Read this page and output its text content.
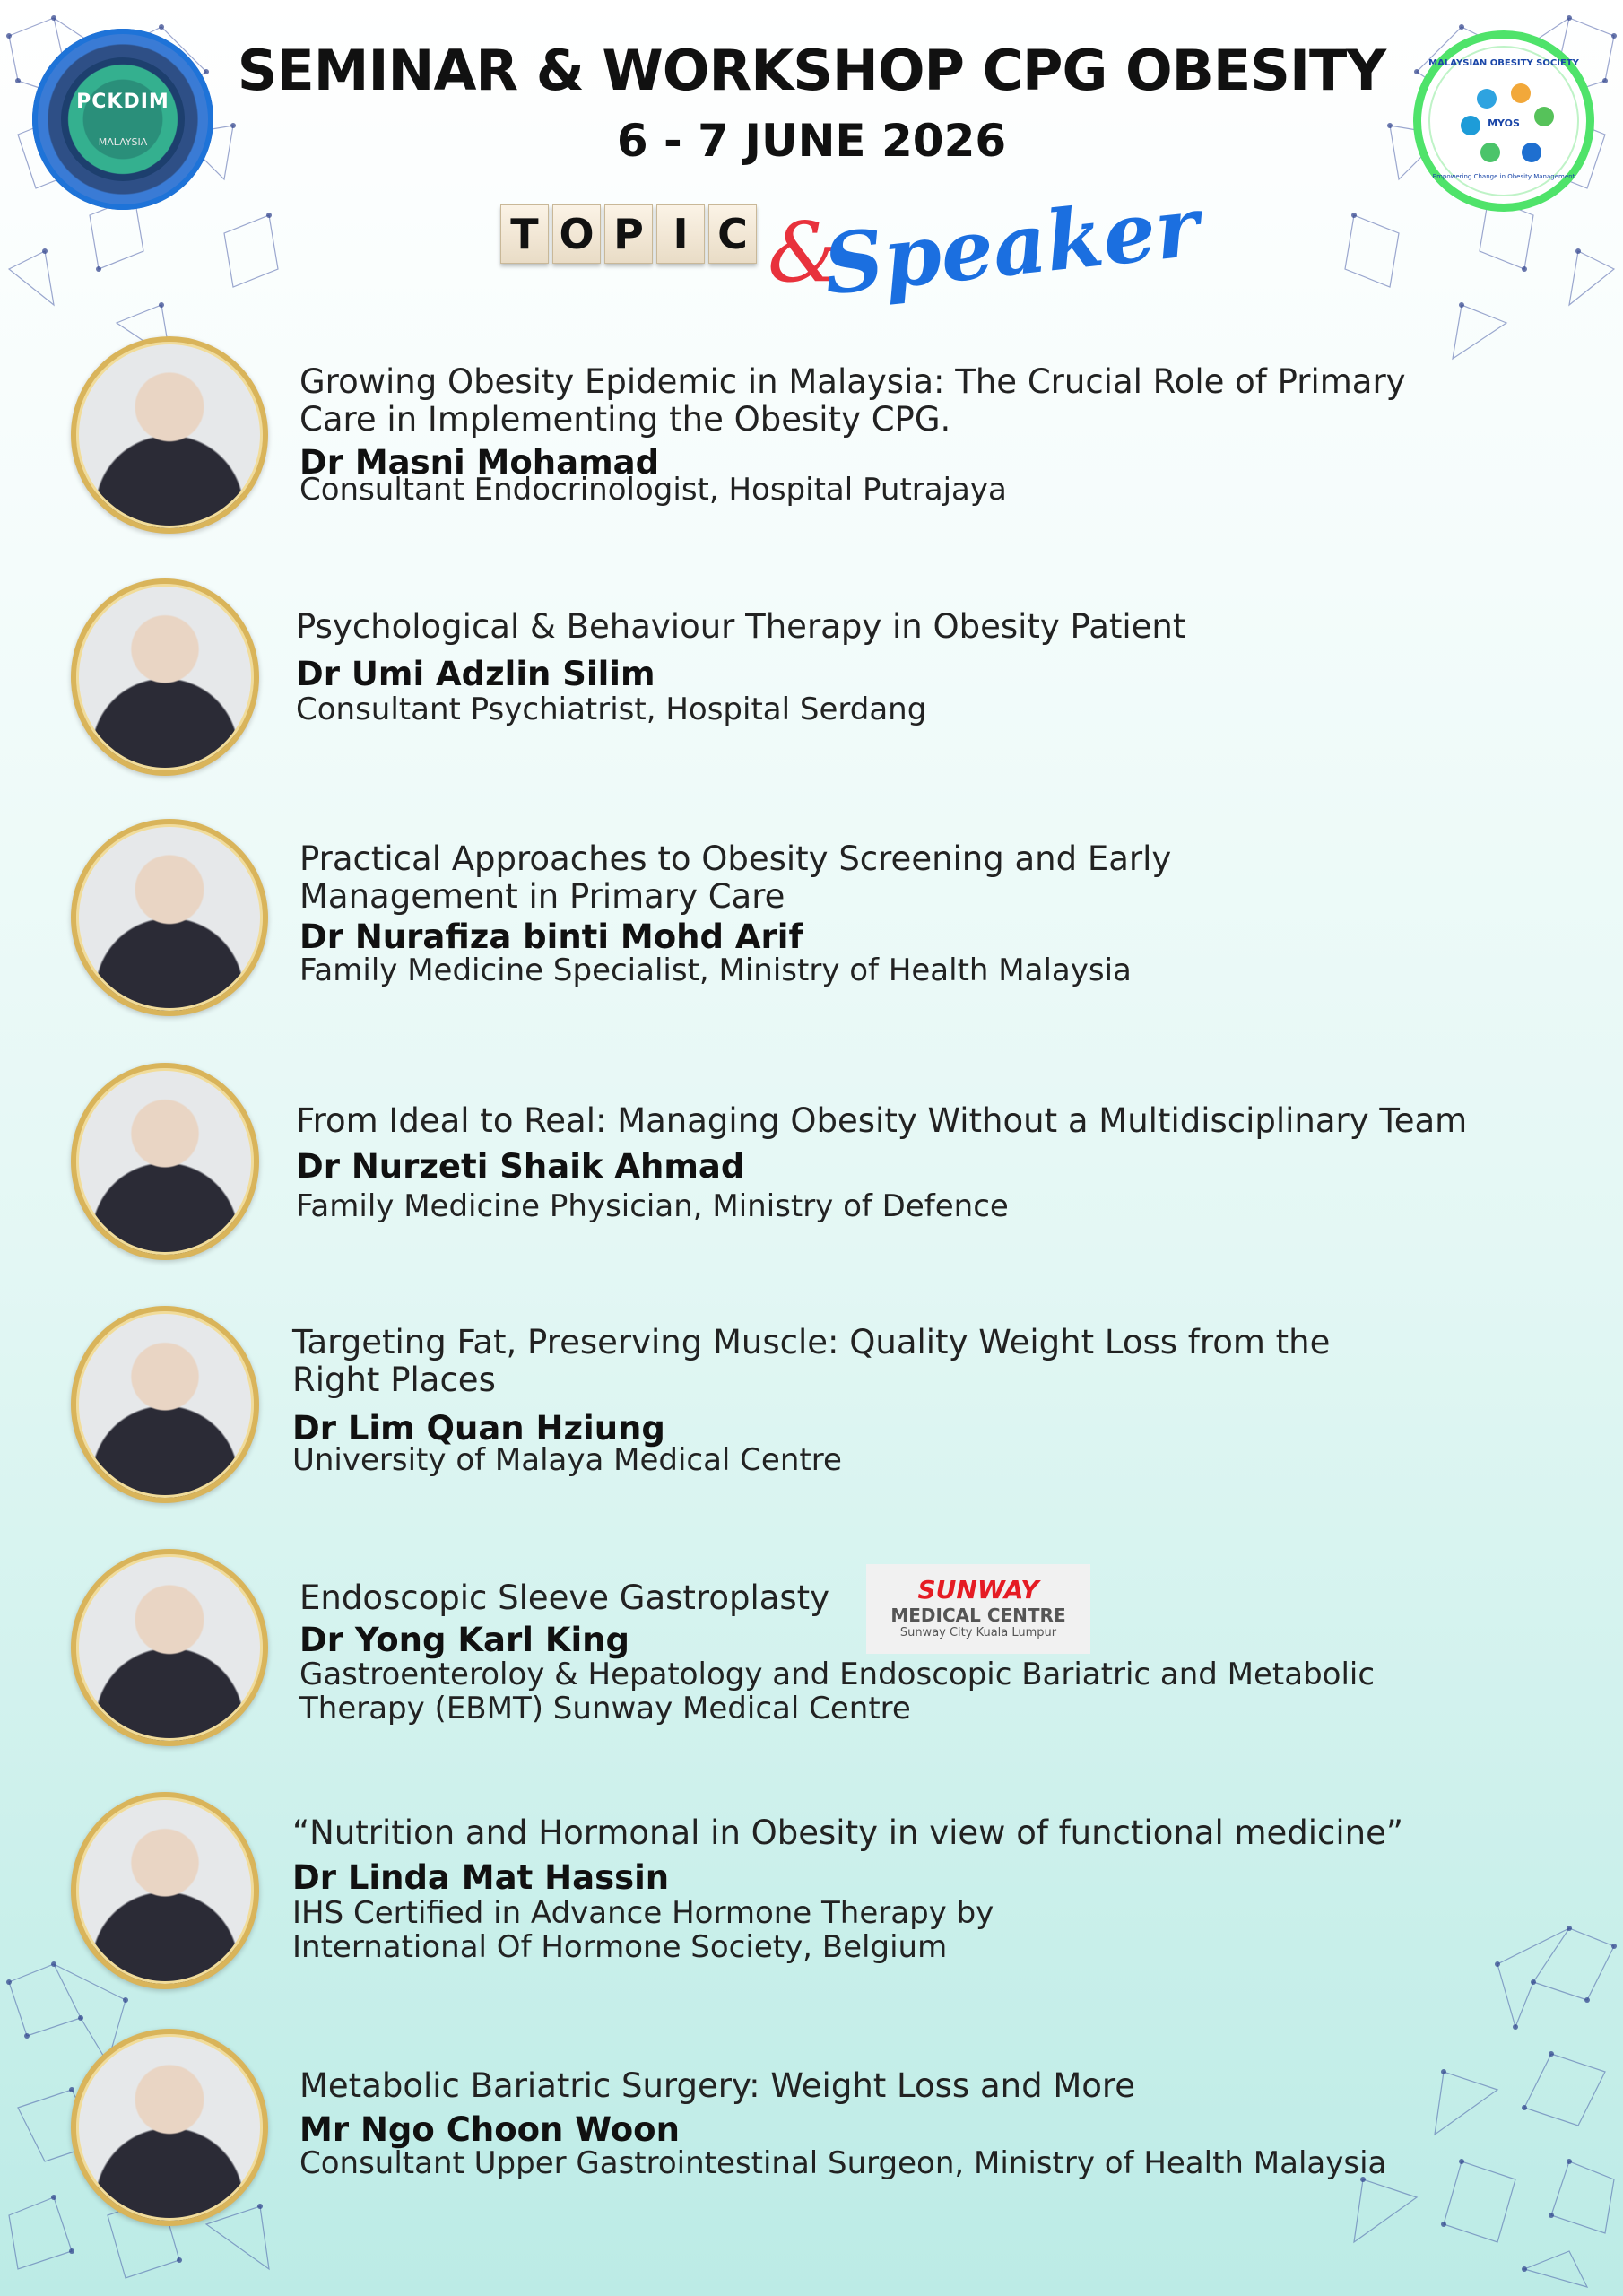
PCKDIM
MALAYSIA
MALAYSIAN OBESITY SOCIETY
MYOS
Empowering Change in Obesity Management
SEMINAR & WORKSHOP CPG OBESITY
6 - 7 JUNE 2026
T O P I C &
Speaker
Growing Obesity Epidemic in Malaysia: The Crucial Role of Primary
Care in Implementing the Obesity CPG.
Dr Masni Mohamad
Consultant Endocrinologist, Hospital Putrajaya
Psychological & Behaviour Therapy in Obesity Patient
Dr Umi Adzlin Silim
Consultant Psychiatrist, Hospital Serdang
Practical Approaches to Obesity Screening and Early
Management in Primary Care
Dr Nurafiza binti Mohd Arif
Family Medicine Specialist, Ministry of Health Malaysia
From Ideal to Real: Managing Obesity Without a Multidisciplinary Team
Dr Nurzeti Shaik Ahmad
Family Medicine Physician, Ministry of Defence
Targeting Fat, Preserving Muscle: Quality Weight Loss from the
Right Places
Dr Lim Quan Hziung
University of Malaya Medical Centre
Endoscopic Sleeve Gastroplasty
Dr Yong Karl King
Gastroenteroloy & Hepatology and Endoscopic Bariatric and Metabolic
Therapy (EBMT) Sunway Medical Centre
SUNWAY
MEDICAL CENTRE
Sunway City Kuala Lumpur
“Nutrition and Hormonal in Obesity in view of functional medicine”
Dr Linda Mat Hassin
IHS Certified in Advance Hormone Therapy by
International Of Hormone Society, Belgium
Metabolic Bariatric Surgery: Weight Loss and More
Mr Ngo Choon Woon
Consultant Upper Gastrointestinal Surgeon, Ministry of Health Malaysia
